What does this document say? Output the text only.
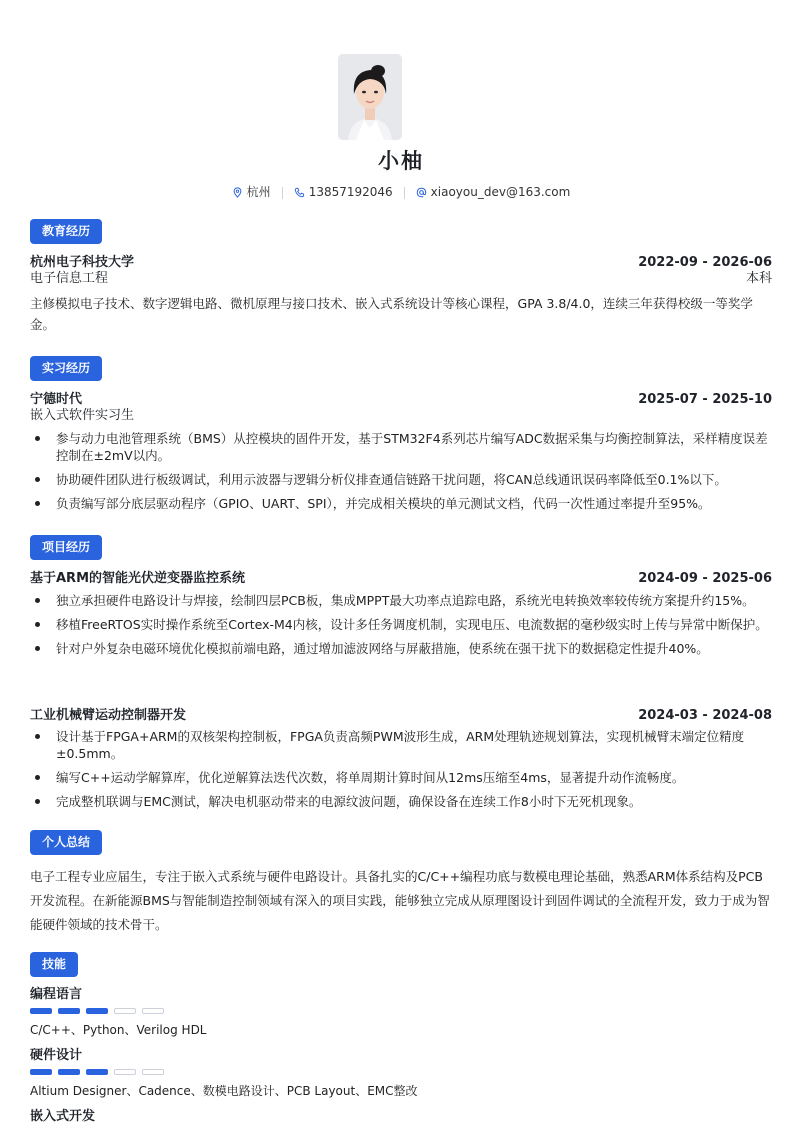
小柚
杭州	13857192046	xiaoyou_dev@163.com
教育经历
杭州电子科技大学	2022-09 - 2026-06
电子信息工程	本科
主修模拟电子技术、数字逻辑电路、微机原理与接口技术、嵌入式系统设计等核心课程，GPA 3.8/4.0，连续三年获得校级一等奖学金。
实习经历
宁德时代	2025-07 - 2025-10
嵌入式软件实习生
参与动力电池管理系统（BMS）从控模块的固件开发，基于STM32F4系列芯片编写ADC数据采集与均衡控制算法，采样精度误差控制在±2mV以内。
协助硬件团队进行板级调试，利用示波器与逻辑分析仪排查通信链路干扰问题，将CAN总线通讯误码率降低至0.1%以下。
负责编写部分底层驱动程序（GPIO、UART、SPI），并完成相关模块的单元测试文档，代码一次性通过率提升至95%。
项目经历
基于ARM的智能光伏逆变器监控系统	2024-09 - 2025-06
独立承担硬件电路设计与焊接，绘制四层PCB板，集成MPPT最大功率点追踪电路，系统光电转换效率较传统方案提升约15%。
移植FreeRTOS实时操作系统至Cortex-M4内核，设计多任务调度机制，实现电压、电流数据的毫秒级实时上传与异常中断保护。
针对户外复杂电磁环境优化模拟前端电路，通过增加滤波网络与屏蔽措施，使系统在强干扰下的数据稳定性提升40%。
工业机械臂运动控制器开发	2024-03 - 2024-08
设计基于FPGA+ARM的双核架构控制板，FPGA负责高频PWM波形生成，ARM处理轨迹规划算法，实现机械臂末端定位精度±0.5mm。
编写C++运动学解算库，优化逆解算法迭代次数，将单周期计算时间从12ms压缩至4ms，显著提升动作流畅度。
完成整机联调与EMC测试，解决电机驱动带来的电源纹波问题，确保设备在连续工作8小时下无死机现象。
个人总结
电子工程专业应届生，专注于嵌入式系统与硬件电路设计。具备扎实的C/C++编程功底与数模电理论基础，熟悉ARM体系结构及PCB开发流程。在新能源BMS与智能制造控制领域有深入的项目实践，能够独立完成从原理图设计到固件调试的全流程开发，致力于成为智能硬件领域的技术骨干。
技能
编程语言
C/C++、Python、Verilog HDL
硬件设计
Altium Designer、Cadence、数模电路设计、PCB Layout、EMC整改
嵌入式开发
